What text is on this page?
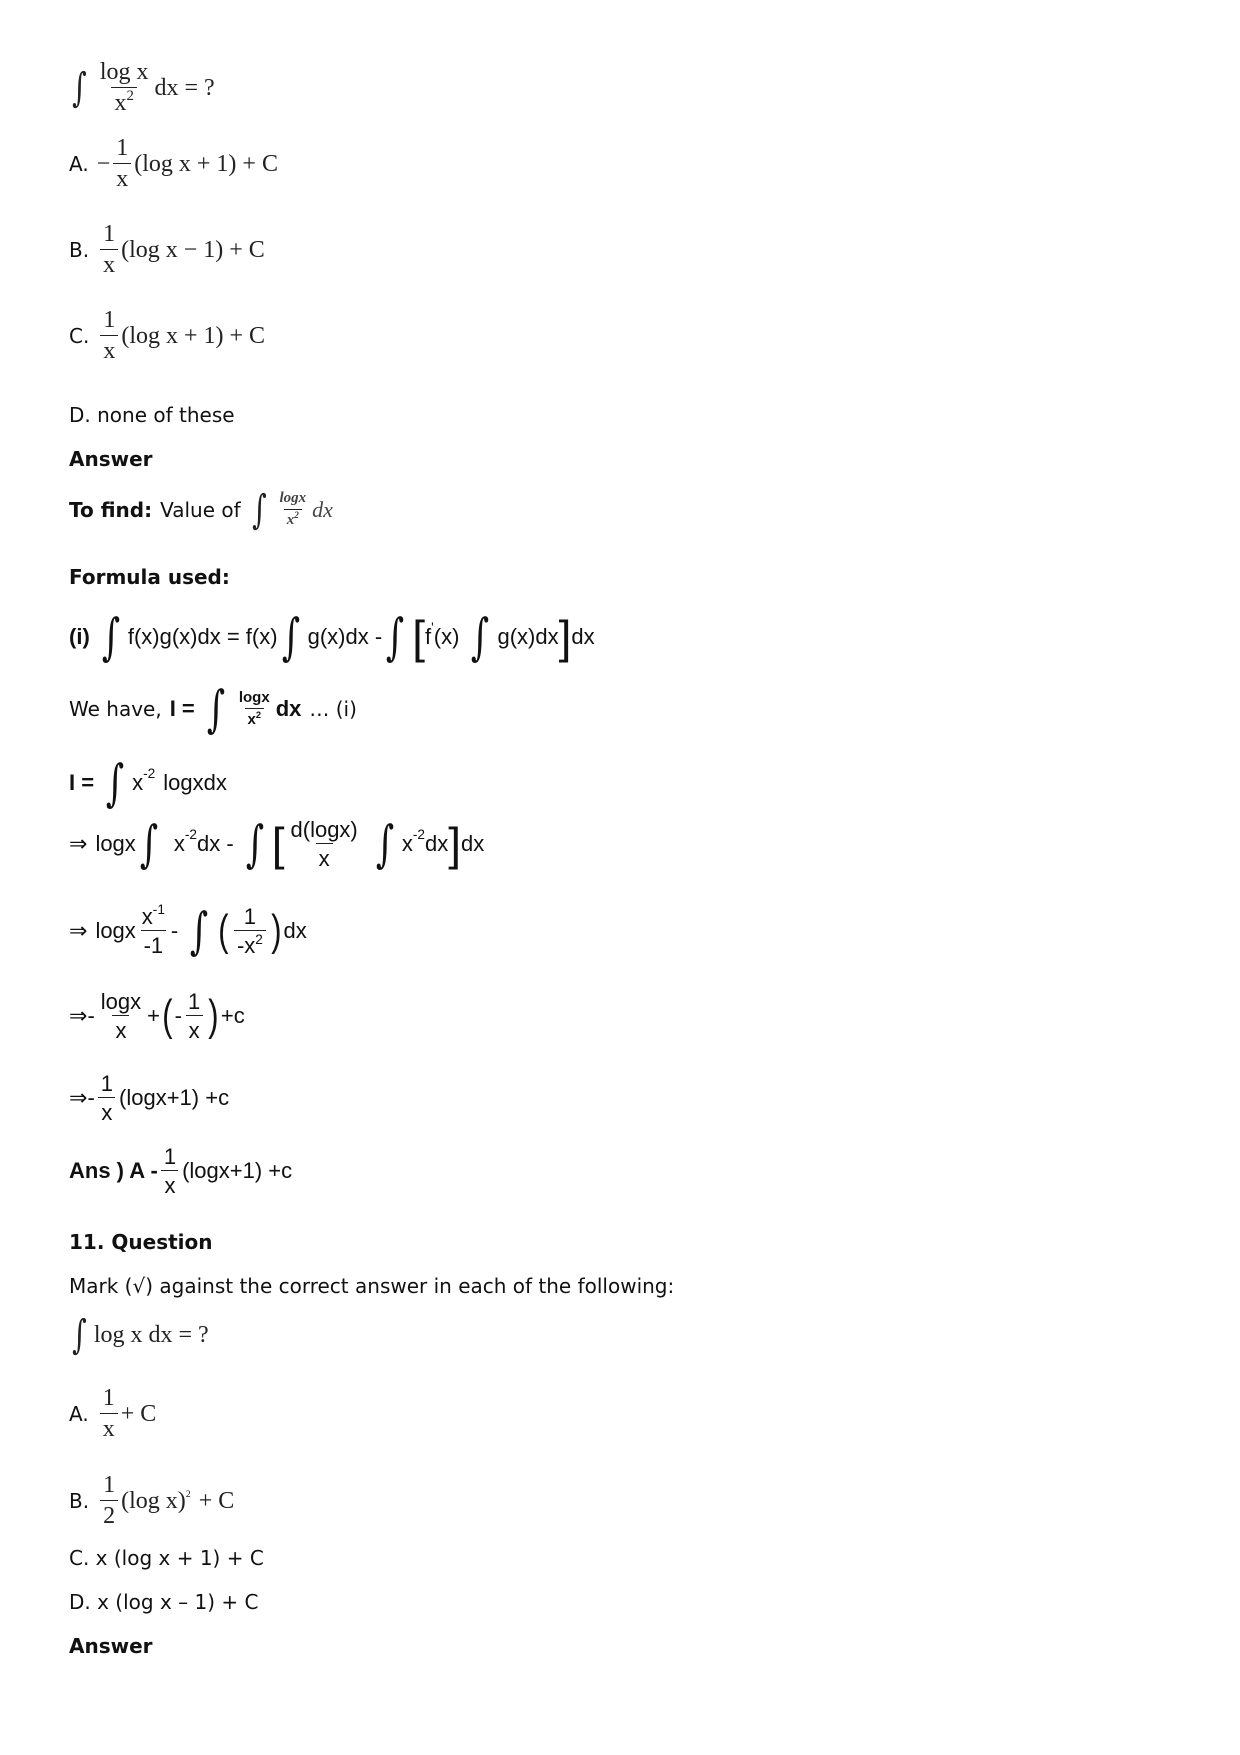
∫ $\frac{\text{log x}}{x^2}$ dx = ?
A. − $\frac{1}{x} (\log$ x + 1) + C
B. $\frac{1}{x} (\log$ x − 1) + C
C. $\frac{1}{x} (\log$ x + 1) + C
D. none of these
Answer
To find: Value of ∫ $\frac{\log x}{x^2}$ dx
Formula used:
(i) ∫ f(x)g(x)dx = f(x) ∫ g(x)dx - ∫ [ f ' (x) ∫ g(x)dx ] dx
We have, I = ∫ $\frac{\log x}{x^2}$ dx … (i)
I = ∫ x -2 logxdx
⇒ logx ∫ x -2 dx - ∫ [ $\frac{d(\log x)}{x}$ ∫ x -2 dx ] dx
⇒ logx $\frac{x^{-1}}{-1}$ - ∫ ( $\frac{1}{-x^2}$ ) dx
⇒ - $\frac{\log x}{x}$ + ( - $\frac{1}{x}$ ) +c
⇒ - $\frac{1}{x} (\log x+1) +c$
Ans ) $A - \frac{1}{x} (\log x+1) +c$
11. Question
Mark (√) against the correct answer in each of the following:
∫ log x dx = ?
A. $\frac{1}{x} + C$
B. $\frac{1}{2} (\log$ x) 2 + C
C. x (log x + 1) + C
D. x (log x – 1) + C
Answer
